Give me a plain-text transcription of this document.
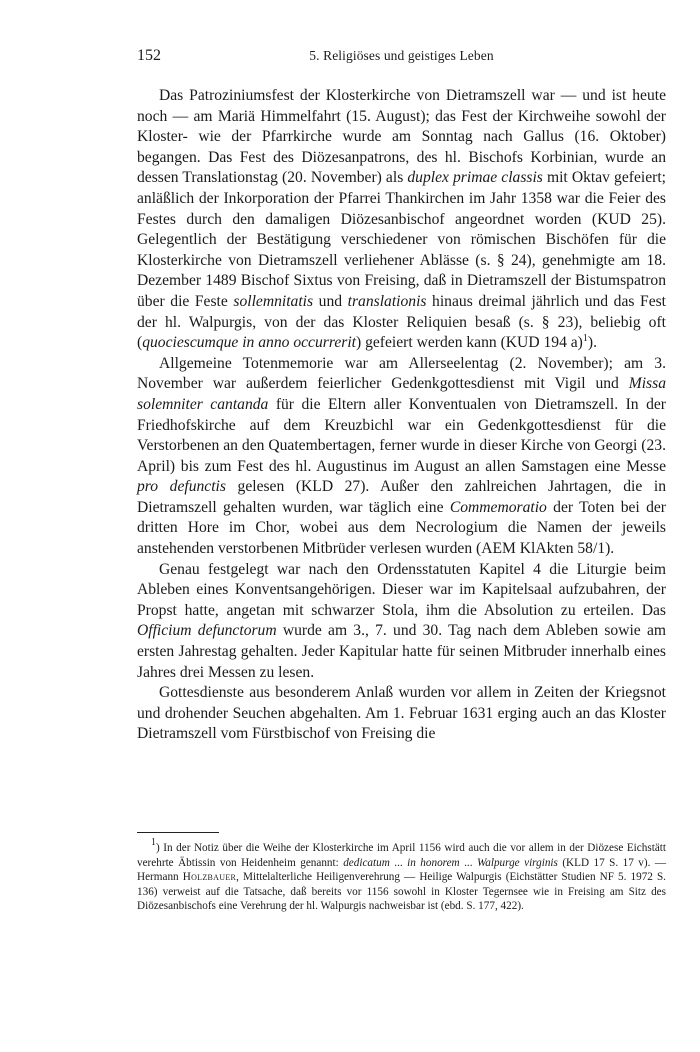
152	5. Religiöses und geistiges Leben

Das Patroziniumsfest der Klosterkirche von Dietramszell war — und ist heute noch — am Mariä Himmelfahrt (15. August); das Fest der Kirchweihe sowohl der Kloster- wie der Pfarrkirche wurde am Sonntag nach Gallus (16. Oktober) begangen. Das Fest des Diözesanpatrons, des hl. Bischofs Korbinian, wurde an dessen Translationstag (20. November) als duplex primae classis mit Oktav gefeiert; anläßlich der Inkorporation der Pfarrei Thankirchen im Jahr 1358 war die Feier des Festes durch den damaligen Diözesanbischof angeordnet worden (KUD 25). Gelegentlich der Bestätigung verschiedener von römischen Bischöfen für die Klosterkirche von Dietramszell verliehener Ablässe (s. § 24), genehmigte am 18. Dezember 1489 Bischof Sixtus von Freising, daß in Dietramszell der Bistumspatron über die Feste sollemnitatis und translationis hinaus dreimal jährlich und das Fest der hl. Walpurgis, von der das Kloster Reliquien besaß (s. § 23), beliebig oft (quociescumque in anno occurrerit) gefeiert werden kann (KUD 194 a)$^1$).

Allgemeine Totenmemorie war am Allerseelentag (2. November); am 3. November war außerdem feierlicher Gedenkgottesdienst mit Vigil und Missa solemniter cantanda für die Eltern aller Konventualen von Dietramszell. In der Friedhofskirche auf dem Kreuzbichl war ein Gedenkgottesdienst für die Verstorbenen an den Quatembertagen, ferner wurde in dieser Kirche von Georgi (23. April) bis zum Fest des hl. Augustinus im August an allen Samstagen eine Messe pro defunctis gelesen (KLD 27). Außer den zahlreichen Jahrtagen, die in Dietramszell gehalten wurden, war täglich eine Commemoratio der Toten bei der dritten Hore im Chor, wobei aus dem Necrologium die Namen der jeweils anstehenden verstorbenen Mitbrüder verlesen wurden (AEM KlAkten 58/1).

Genau festgelegt war nach den Ordensstatuten Kapitel 4 die Liturgie beim Ableben eines Konventsangehörigen. Dieser war im Kapitelsaal aufzubahren, der Propst hatte, angetan mit schwarzer Stola, ihm die Absolution zu erteilen. Das Officium defunctorum wurde am 3., 7. und 30. Tag nach dem Ableben sowie am ersten Jahrestag gehalten. Jeder Kapitular hatte für seinen Mitbruder innerhalb eines Jahres drei Messen zu lesen.

Gottesdienste aus besonderem Anlaß wurden vor allem in Zeiten der Kriegsnot und drohender Seuchen abgehalten. Am 1. Februar 1631 erging auch an das Kloster Dietramszell vom Fürstbischof von Freising die

$^1$) In der Notiz über die Weihe der Klosterkirche im April 1156 wird auch die vor allem in der Diözese Eichstätt verehrte Äbtissin von Heidenheim genannt: dedicatum ... in honorem ... Walpurge virginis (KLD 17 S. 17 v). — Hermann Holzbauer, Mittelalterliche Heiligenverehrung — Heilige Walpurgis (Eichstätter Studien NF 5. 1972 S. 136) verweist auf die Tatsache, daß bereits vor 1156 sowohl in Kloster Tegernsee wie in Freising am Sitz des Diözesanbischofs eine Verehrung der hl. Walpurgis nachweisbar ist (ebd. S. 177, 422).
